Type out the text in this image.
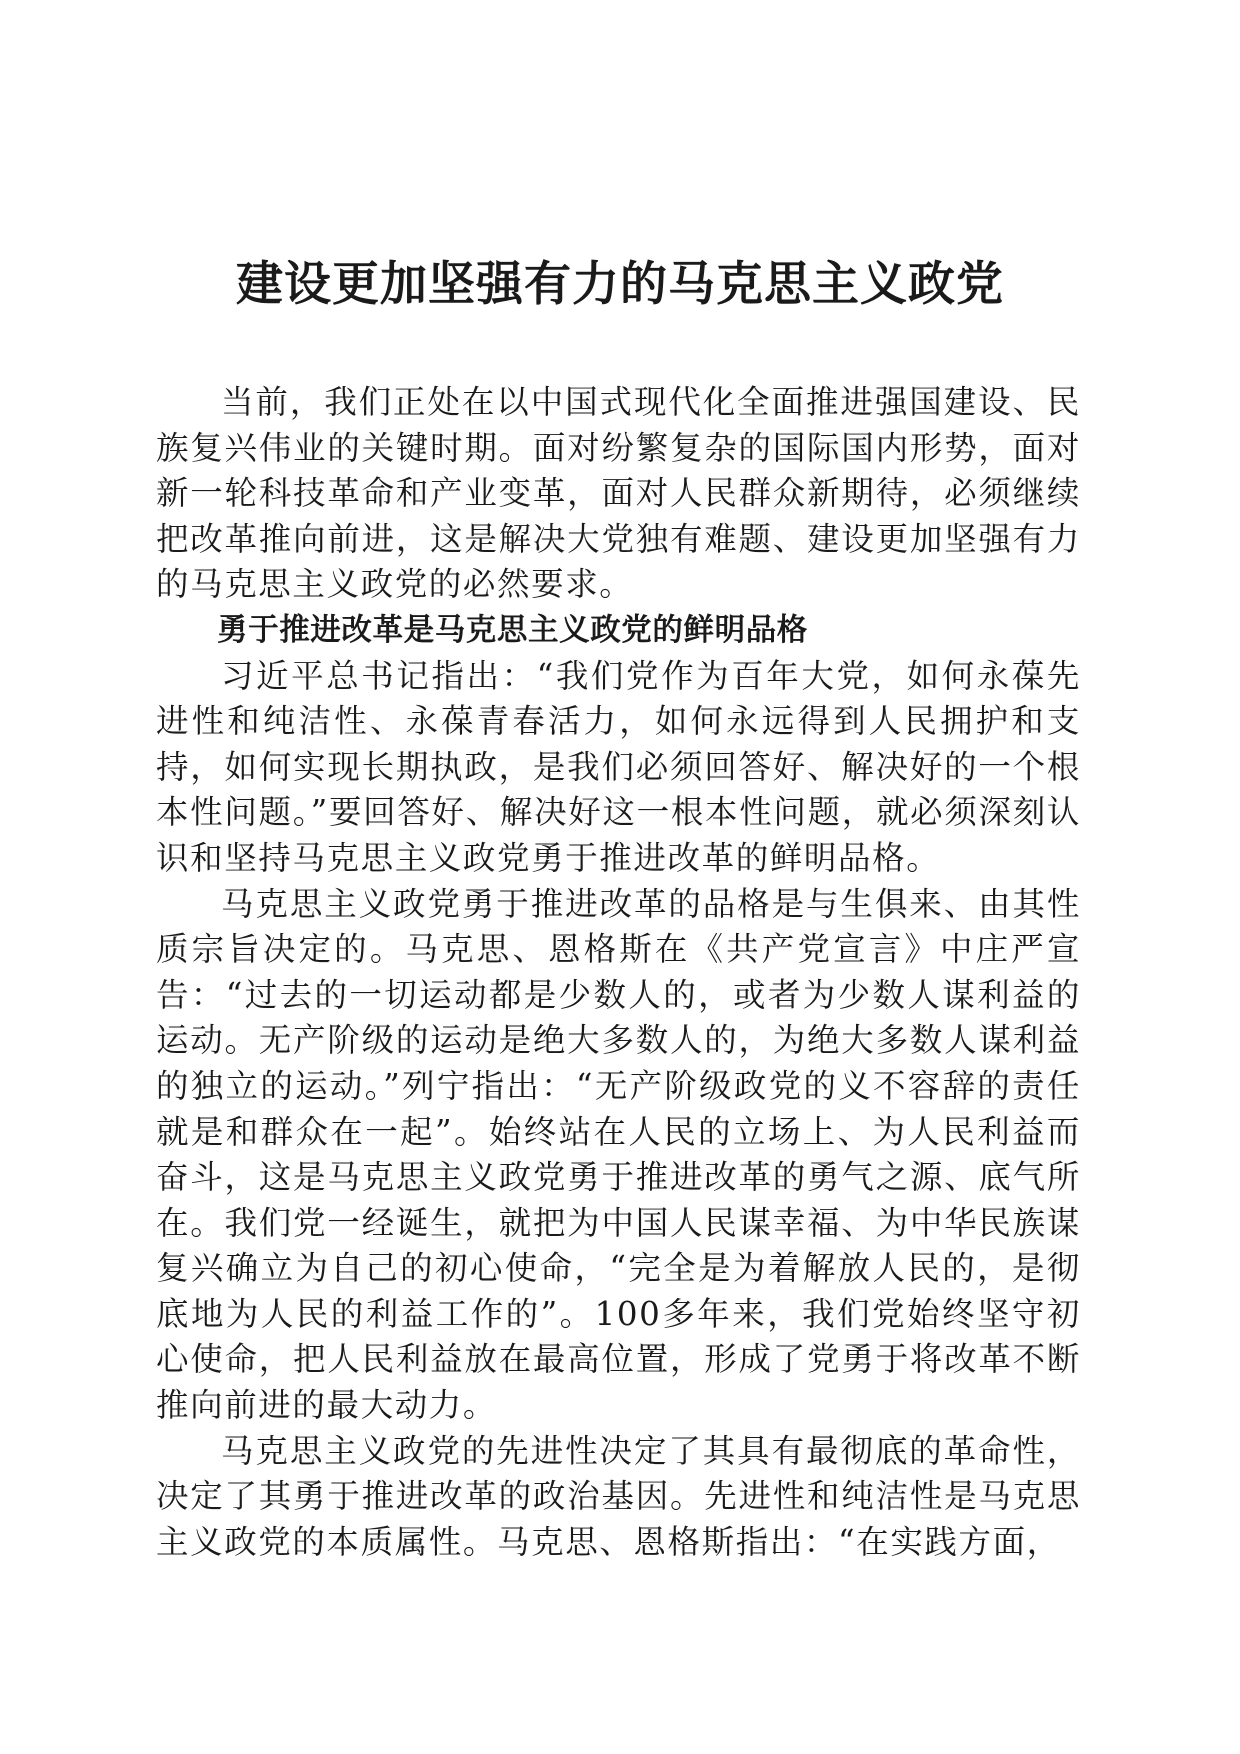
建设更加坚强有力的马克思主义政党

当前，我们正处在以中国式现代化全面推进强国建设、民族复兴伟业的关键时期。面对纷繁复杂的国际国内形势，面对新一轮科技革命和产业变革，面对人民群众新期待，必须继续把改革推向前进，这是解决大党独有难题、建设更加坚强有力的马克思主义政党的必然要求。

勇于推进改革是马克思主义政党的鲜明品格

习近平总书记指出：“我们党作为百年大党，如何永葆先进性和纯洁性、永葆青春活力，如何永远得到人民拥护和支持，如何实现长期执政，是我们必须回答好、解决好的一个根本性问题。”要回答好、解决好这一根本性问题，就必须深刻认识和坚持马克思主义政党勇于推进改革的鲜明品格。

马克思主义政党勇于推进改革的品格是与生俱来、由其性质宗旨决定的。马克思、恩格斯在《共产党宣言》中庄严宣告：“过去的一切运动都是少数人的，或者为少数人谋利益的运动。无产阶级的运动是绝大多数人的，为绝大多数人谋利益的独立的运动。”列宁指出：“无产阶级政党的义不容辞的责任就是和群众在一起”。始终站在人民的立场上、为人民利益而奋斗，这是马克思主义政党勇于推进改革的勇气之源、底气所在。我们党一经诞生，就把为中国人民谋幸福、为中华民族谋复兴确立为自己的初心使命，“完全是为着解放人民的，是彻底地为人民的利益工作的”。100多年来，我们党始终坚守初心使命，把人民利益放在最高位置，形成了党勇于将改革不断推向前进的最大动力。

马克思主义政党的先进性决定了其具有最彻底的革命性，决定了其勇于推进改革的政治基因。先进性和纯洁性是马克思主义政党的本质属性。马克思、恩格斯指出：“在实践方面，
